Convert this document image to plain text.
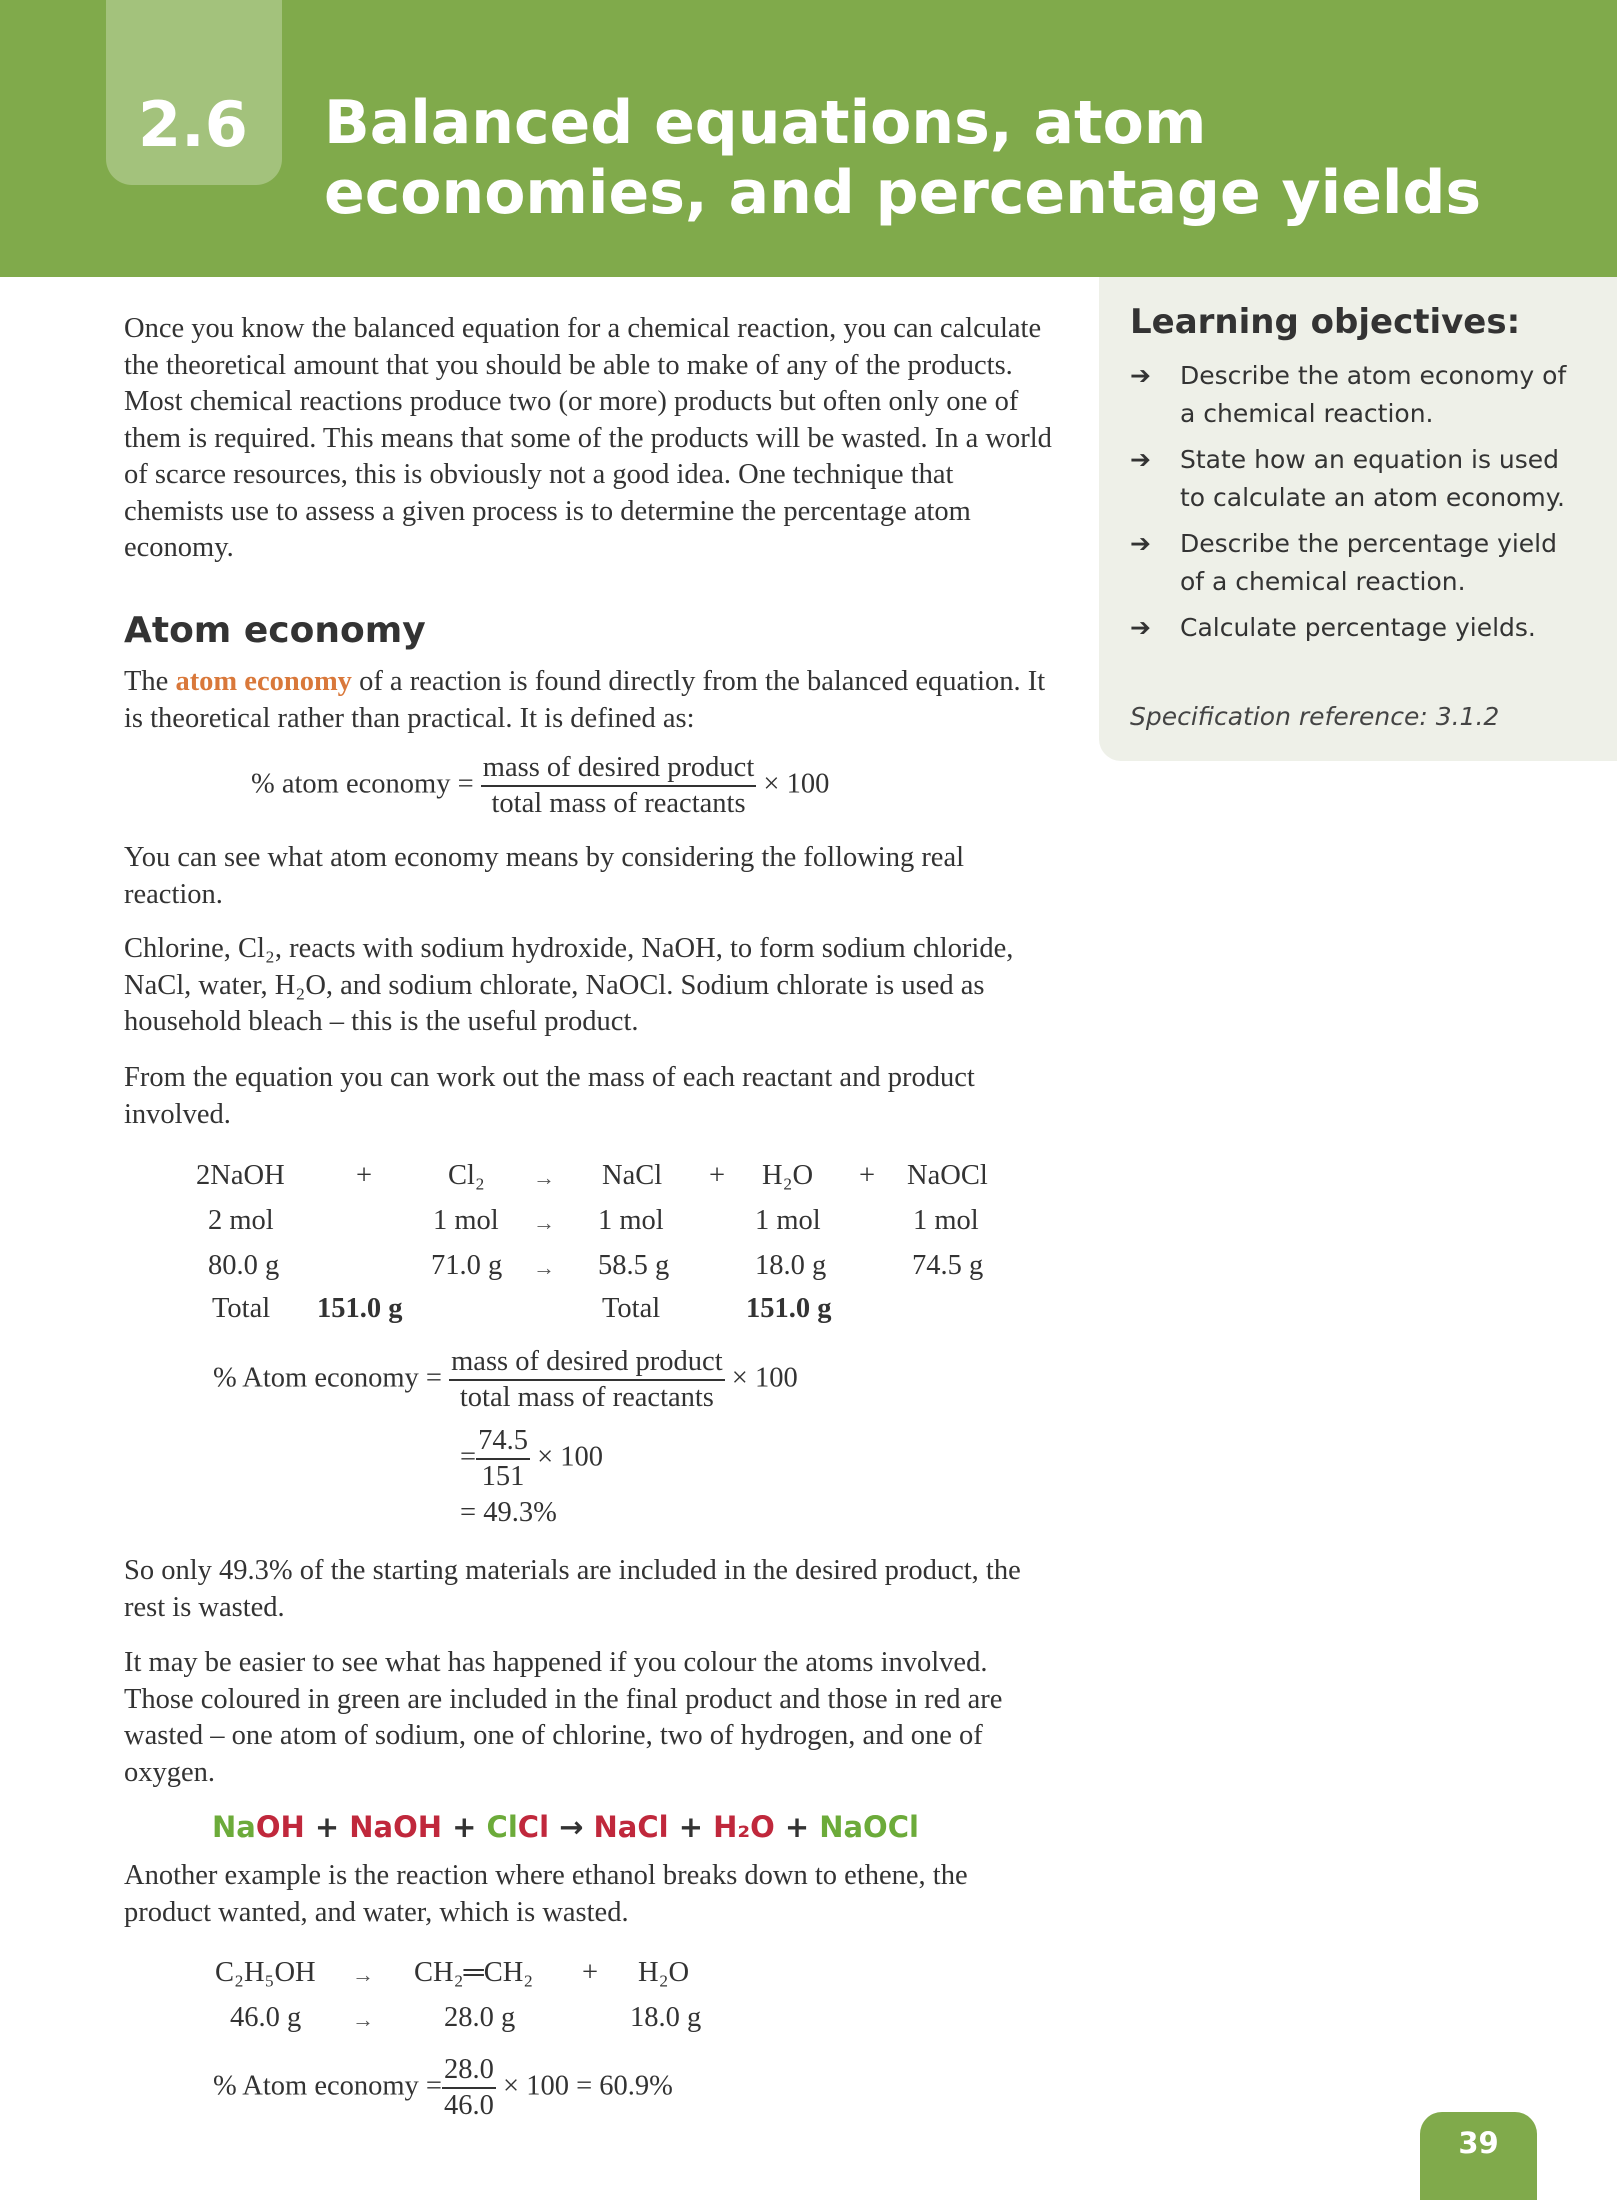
2.6 Balanced equations, atom
economies, and percentage yields

Once you know the balanced equation for a chemical reaction, you can calculate the theoretical amount that you should be able to make of any of the products. Most chemical reactions produce two (or more) products but often only one of them is required. This means that some of the products will be wasted. In a world of scarce resources, this is obviously not a good idea. One technique that chemists use to assess a given process is to determine the percentage atom economy.

Atom economy

The atom economy of a reaction is found directly from the balanced equation. It is theoretical rather than practical. It is defined as:

% atom economy = $\frac{\text{mass of desired product}}{\text{total mass of reactants}} \times 100$

You can see what atom economy means by considering the following real reaction.

Chlorine, Cl₂, reacts with sodium hydroxide, NaOH, to form sodium chloride, NaCl, water, H₂O, and sodium chlorate, NaOCl. Sodium chlorate is used as household bleach – this is the useful product.

From the equation you can work out the mass of each reactant and product involved.

2NaOH	+	Cl₂ → NaCl + H₂O + NaOCl
2 mol	1 mol → 1 mol	1 mol	1 mol
80.0 g	71.0 g → 58.5 g	18.0 g	74.5 g
Total 151.0 g	Total	151.0 g
% Atom economy = $\frac{\text{mass of desired product}}{\text{total mass of reactants}} \times 100$
= $\frac{74.5}{151} \times 100$
= 49.3%

So only 49.3% of the starting materials are included in the desired product, the rest is wasted.

It may be easier to see what has happened if you colour the atoms involved. Those coloured in green are included in the final product and those in red are wasted – one atom of sodium, one of chlorine, two of hydrogen, and one of oxygen.

NaOH + NaOH + ClCl → NaCl + H₂O + NaOCl

Another example is the reaction where ethanol breaks down to ethene, the product wanted, and water, which is wasted.

C₂H₅OH → CH₂═CH₂ + H₂O
46.0 g → 28.0 g	18.0 g
% Atom economy = $\frac{28.0}{46.0} \times 100 = 60.9\%$
Learning objectives:
➔	Describe the atom economy of a chemical reaction.
➔	State how an equation is used to calculate an atom economy.
➔	Describe the percentage yield of a chemical reaction.
➔	Calculate percentage yields.
Specification reference: 3.1.2
39
